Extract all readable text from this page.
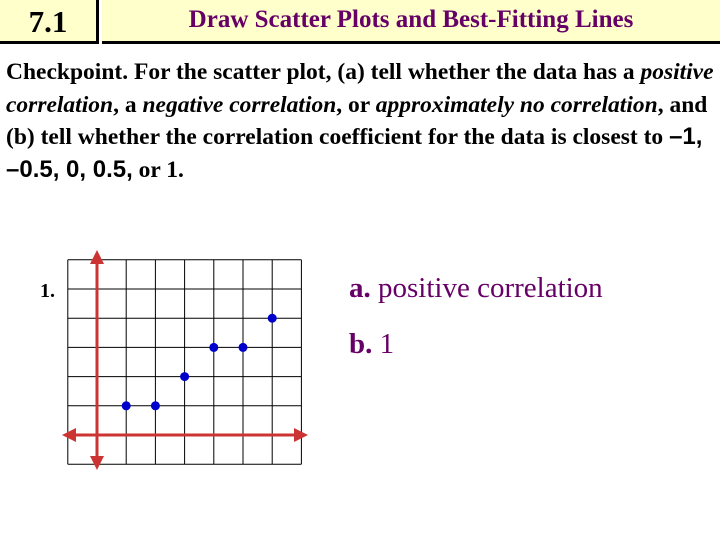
7.1	Draw Scatter Plots and Best-Fitting Lines
Checkpoint. For the scatter plot, (a) tell whether the data has a positive correlation, a negative correlation, or approximately no correlation, and (b) tell whether the correlation coefficient for the data is closest to –1, –0.5, 0, 0.5, or 1.
1.	a. positive correlation
b. 1
